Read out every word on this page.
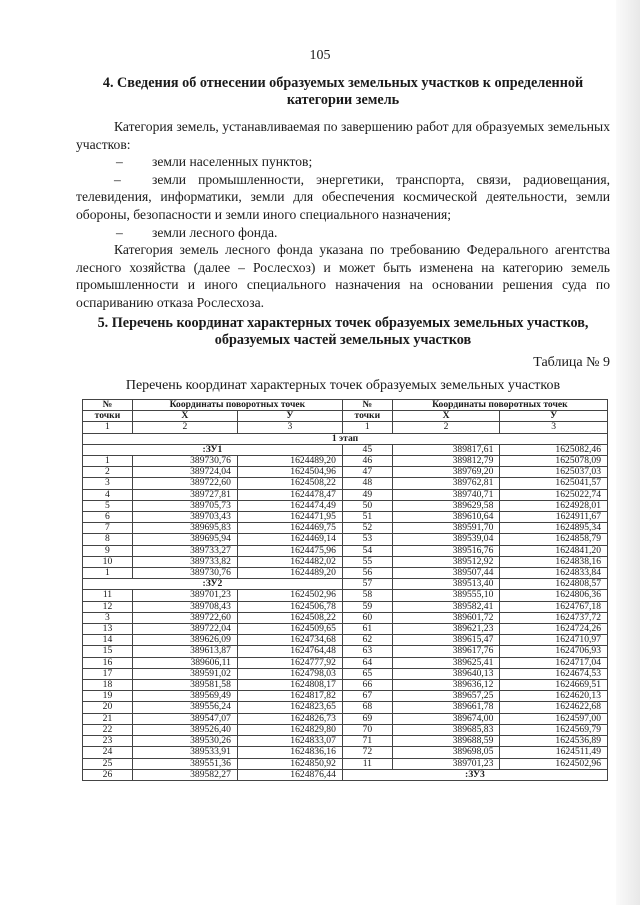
105
4. Сведения об отнесении образуемых земельных участков к определенной
категории земель

Категория земель, устанавливаемая по завершению работ для образуемых земельных участков:

–	земли населенных пунктов;

– земли промышленности, энергетики, транспорта, связи, радиовещания, телевидения, информатики, земли для обеспечения космической деятельности, земли обороны, безопасности и земли иного специального назначения;

–	земли лесного фонда.

Категория земель лесного фонда указана по требованию Федерального агентства лесного хозяйства (далее – Рослесхоз) и может быть изменена на категорию земель промышленности и иного специального назначения на основании решения суда по оспариванию отказа Рослесхоза.

5. Перечень координат характерных точек образуемых земельных участков,
образуемых частей земельных участков
Таблица № 9
Перечень координат характерных точек образуемых земельных участков
№	Координаты поворотных точек		№	Координаты поворотных точек	
точки	Х	У	точки	Х	У
1	2	3	1	2	3
1 этап					
:ЗУ1			45	389817,61	1625082,46
1	389730,76	1624489,20	46	389812,79	1625078,09
2	389724,04	1624504,96	47	389769,20	1625037,03
3	389722,60	1624508,22	48	389762,81	1625041,57
4	389727,81	1624478,47	49	389740,71	1625022,74
5	389705,73	1624474,49	50	389629,58	1624928,01
6	389703,43	1624471,95	51	389610,64	1624911,67
7	389695,83	1624469,75	52	389591,70	1624895,34
8	389695,94	1624469,14	53	389539,04	1624858,79
9	389733,27	1624475,96	54	389516,76	1624841,20
10	389733,82	1624482,02	55	389512,92	1624838,16
1	389730,76	1624489,20	56	389507,44	1624833,84
:ЗУ2			57	389513,40	1624808,57
11	389701,23	1624502,96	58	389555,10	1624806,36
12	389708,43	1624506,78	59	389582,41	1624767,18
3	389722,60	1624508,22	60	389601,72	1624737,72
13	389722,04	1624509,65	61	389621,23	1624724,26
14	389626,09	1624734,68	62	389615,47	1624710,97
15	389613,87	1624764,48	63	389617,76	1624706,93
16	389606,11	1624777,92	64	389625,41	1624717,04
17	389591,02	1624798,03	65	389640,13	1624674,53
18	389581,58	1624808,17	66	389636,12	1624669,51
19	389569,49	1624817,82	67	389657,25	1624620,13
20	389556,24	1624823,65	68	389661,78	1624622,68
21	389547,07	1624826,73	69	389674,00	1624597,00
22	389526,40	1624829,80	70	389685,83	1624569,79
23	389530,26	1624833,07	71	389688,59	1624536,89
24	389533,91	1624836,16	72	389698,05	1624511,49
25	389551,36	1624850,92	11	389701,23	1624502,96
26	389582,27	1624876,44	:ЗУ3		
